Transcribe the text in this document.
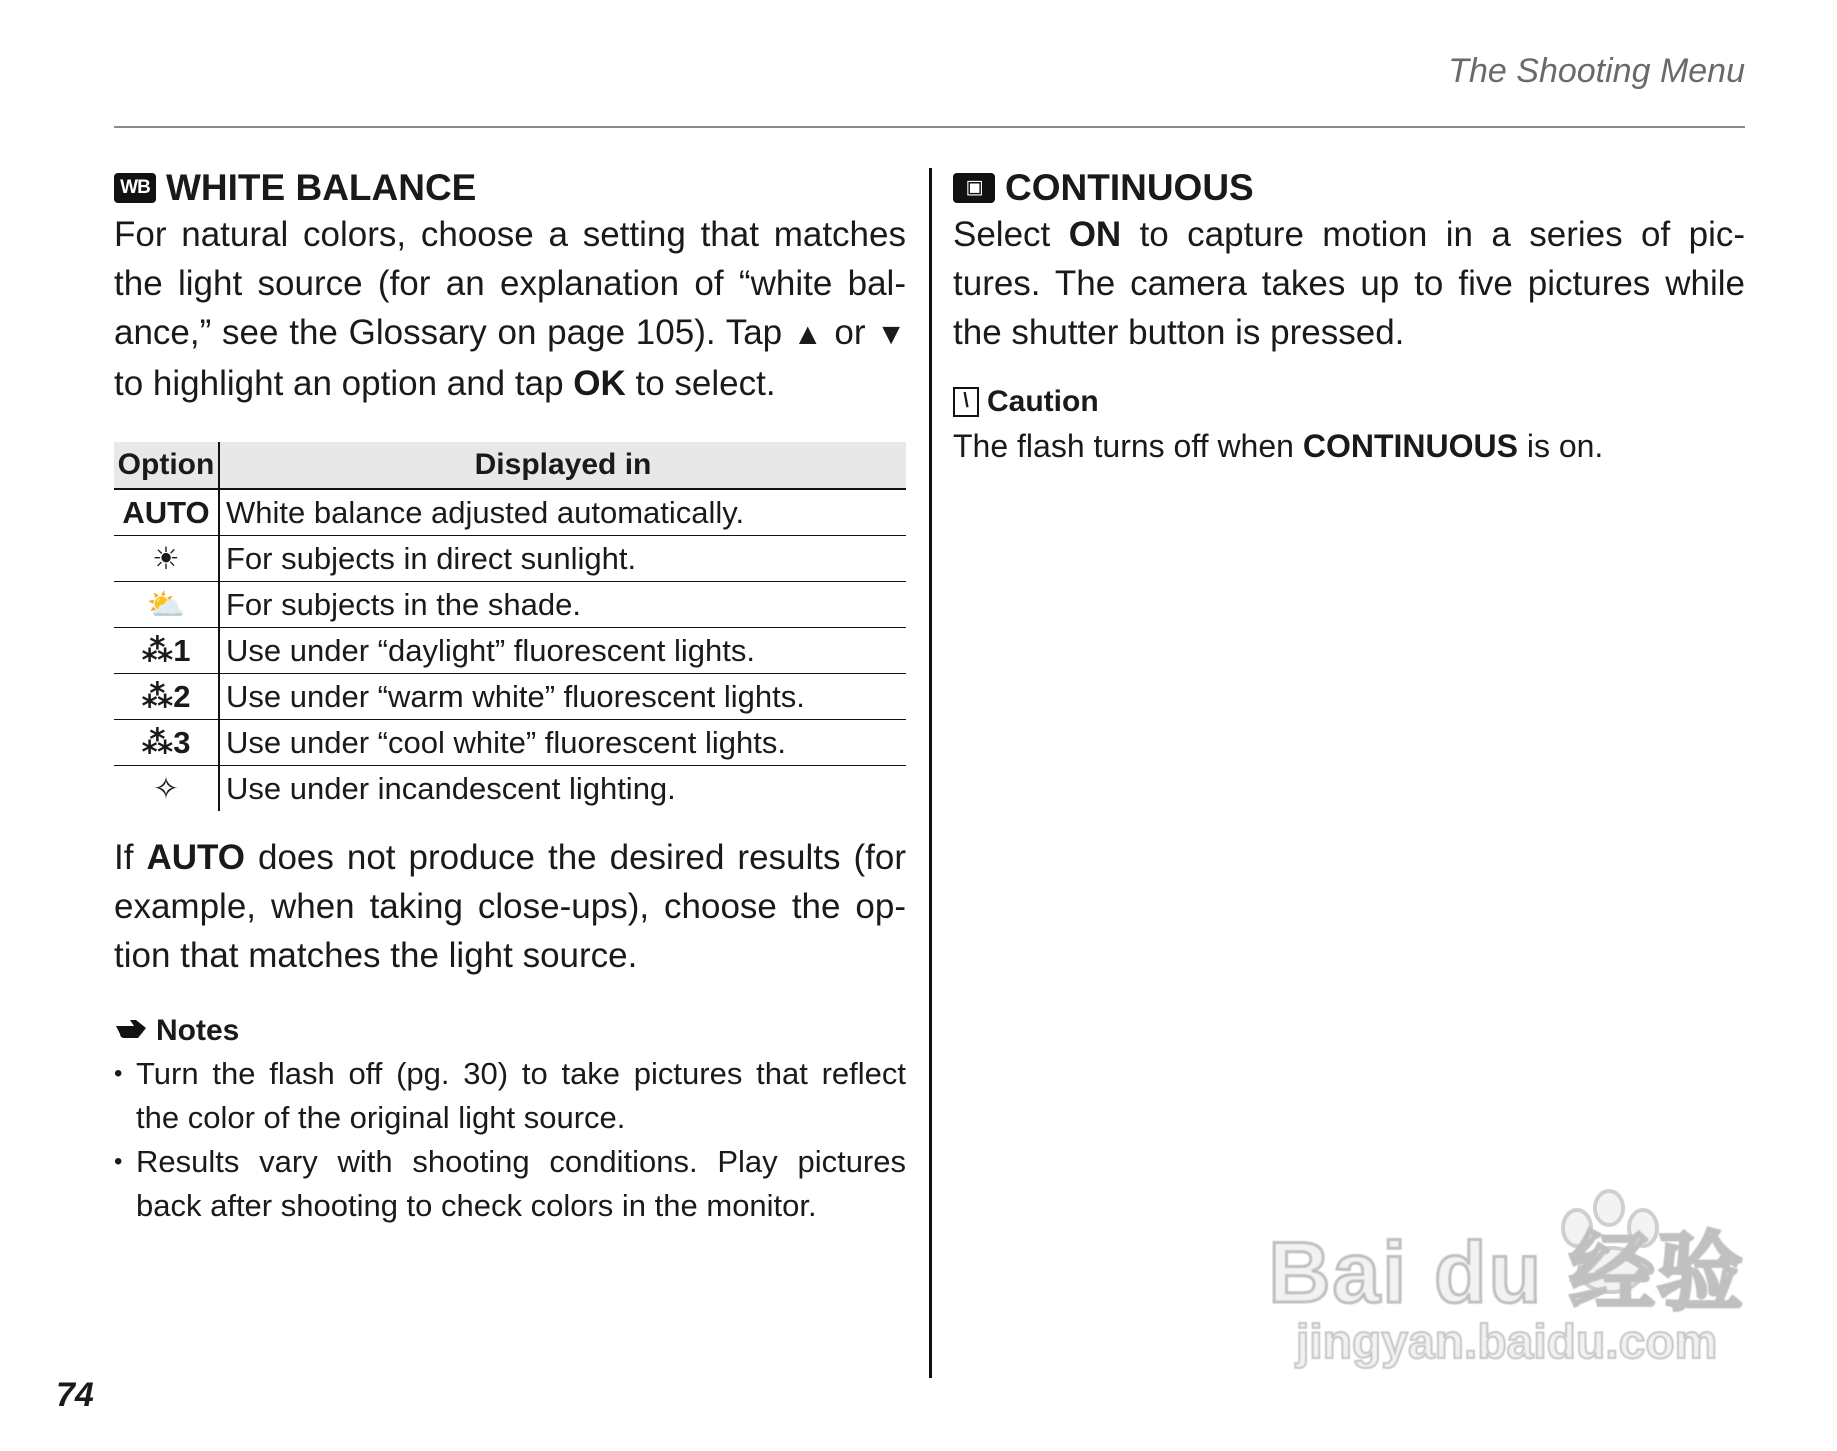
The Shooting Menu
WB WHITE BALANCE

For natural colors, choose a setting that matches the light source (for an explanation of “white bal-ance,” see the Glossary on page 105). Tap ▲ or ▼ to highlight an option and tap OK to select.

Option	Displayed in
AUTO	White balance adjusted automatically.
☀	For subjects in direct sunlight.
⛅	For subjects in the shade.
⁂1	Use under “daylight” fluorescent lights.
⁂2	Use under “warm white” fluorescent lights.
⁂3	Use under “cool white” fluorescent lights.
✧	Use under incandescent lighting.

If AUTO does not produce the desired results (for example, when taking close-ups), choose the op-tion that matches the light source.

Notes
• Turn the flash off (pg. 30) to take pictures that reflect the color of the original light source.
• Results vary with shooting conditions. Play pictures back after shooting to check colors in the monitor.
▣ CONTINUOUS

Select ON to capture motion in a series of pic-tures. The camera takes up to five pictures while the shutter button is pressed.

\ Caution

The flash turns off when CONTINUOUS is on.

74
Bai du 经验
jingyan.baidu.com
